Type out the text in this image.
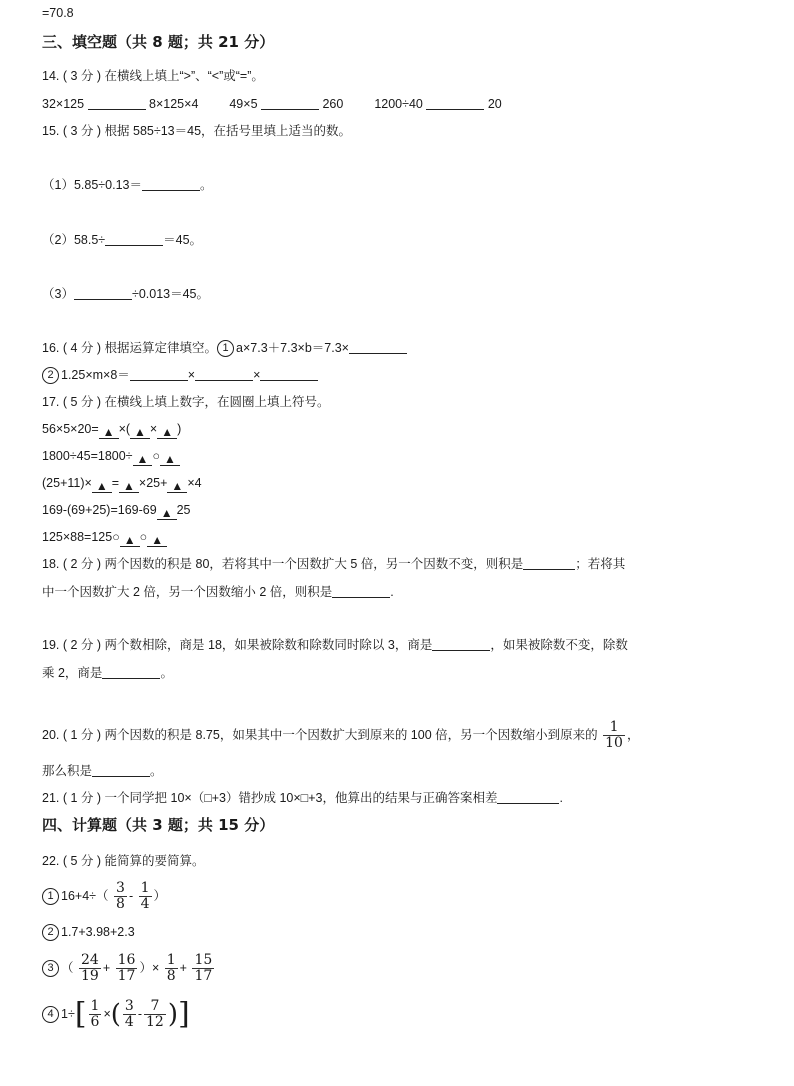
=70.8
三、填空题（共 8 题；共 21 分）
14. ( 3 分 ) 在横线上填上“>”、“<”或“=”。
32×125	8×125×4 49×5	260 1200÷40	20
15. ( 3 分 ) 根据 585÷13＝45，在括号里填上适当的数。
（1）5.85÷0.13＝	。
（2）58.5÷	＝45。
（3）	÷0.013＝45。
16. ( 4 分 ) 根据运算定律填空。 1 a×7.3＋7.3×b＝7.3×
2 1.25×m×8＝	×	×
17. ( 5 分 ) 在横线上填上数字，在圆圈上填上符号。
56×5×20= ▲ ×( ▲ × ▲ )
1800÷45=1800÷ ▲ ○ ▲
(25+11)× ▲ = ▲ ×25+ ▲ ×4
169-(69+25)=169-69 ▲ 25
125×88=125○ ▲ ○ ▲
18. ( 2 分 ) 两个因数的积是 80，若将其中一个因数扩大 5 倍，另一个因数不变，则积是	；若将其
中一个因数扩大 2 倍，另一个因数缩小 2 倍，则积是	.
19. ( 2 分 ) 两个数相除，商是 18，如果被除数和除数同时除以 3，商是	，如果被除数不变，除数
乘 2，商是	。
20. ( 1 分 ) 两个因数的积是 8.75，如果其中一个因数扩大到原来的 100 倍，另一个因数缩小到原来的 $\frac{1}{10}$ ，
那么积是	。
21. ( 1 分 ) 一个同学把 10×（□+3）错抄成 10×□+3，他算出的结果与正确答案相差	.
四、计算题（共 3 题；共 15 分）
22. ( 5 分 ) 能简算的要简算。
1 $16+4\div( \frac{3}{8} - \frac{1}{4}$ ）
2 1.7+3.98+2.3
3 （ $\frac{24}{19} + \frac{16}{17}$ ）× $\frac{1}{8} + \frac{15}{17}$
4 $1\div[ \frac{1}{6}$ ×( $\frac{3}{4} - \frac{7}{12}$ )]
